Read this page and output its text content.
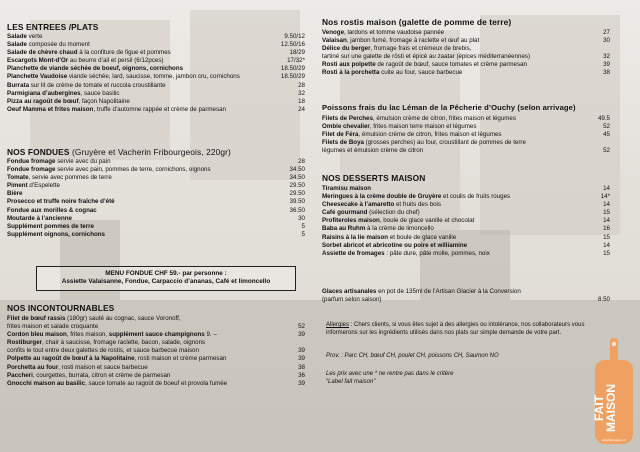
LES ENTREES /PLATS
Salade verte	9.50/12
Salade composée du moment	12.50/16
Salade de chèvre chaud à la confiture de figue et pommes	18/29
Escargots Mont-d’Or au beurre d’ail et persil (6/12pces)	17/32*
Planchette de viande séchée de boeuf, oignons, cornichons	18.50/29
Planchette Vaudoise viande séchée, lard, saucisse, tomme, jambon cru, cornichons	18.50/29
Burrata sur lit de crème de tomate et ruccola croustillante	28
Parmigiana d’aubergines, sauce basilic	32
Pizza au ragoût de bœuf, façon Napolitaine	18
Oeuf Mamma et frites maison, truffe d’automne rappée et crème de parmesan	24
NOS FONDUES (Gruyère et Vacherin Fribourgeois, 220gr)
Fondue fromage servie avec du pain	28
Fondue fromage servie avec pain, pommes de terre, cornichons, oignons	34.50
Tomate, servie avec pommes de terre	34.50
Piment d’Espelette	29.50
Bière	29.50
Prosecco et truffe noire fraîche d’été	39.50
Fondue aux morilles & cognac	36.50
Moutarde à l’ancienne	30
Supplément pommes de terre	5
Supplément oignons, cornichons	5
MENU FONDUE CHF 59.- par personne :
Assiette Valaisanne, Fondue, Carpaccio d’ananas, Café et limoncello
NOS INCONTOURNABLES
Filet de bœuf rassis (180gr) sauté au cognac, sauce Voronoff,
frites maison et salade croquante	52
Cordon bleu maison, frites maison, supplément sauce champignons 9. –	39
Rostiburger, chair à saucisse, fromage raclette, bacon, salade, oignons
confits le tout entre deux galettes de rostis, et sauce barbecue maison	39
Polpette au ragoût de bœuf à la Napolitaine, rosti maison et crème parmesan	39
Porchetta au four, rosti maison et sauce barbecue	38
Paccheri, courgettes, burrata, citron et crème de parmesan	36
Gnocchi maison au basilic, sauce tomate au ragoût de boeuf et provola fumée	39
Nos rostis maison (galette de pomme de terre)
Venoge, lardons et tomme vaudoise pannée	27
Valaisan, jambon fumé, fromage à raclette et œuf au plat	30
Délice du berger, fromage frais et crémeux de brebis,
tartiné sur une galette de rösti et épicé au zaatar (épices méditerranéennes)	32
Rosti aux polpette de ragoût de bœuf, sauce tomates et crème parmesan	39
Rosti à la porchetta cuite au four, sauce barbecue	38
Poissons frais du lac Léman de la Pêcherie d’Ouchy (selon arrivage)
Filets de Perches, émulsion crème de citron, frites maison et légumes	49.5
Omble chevalier, frites maison terre maison et légumes	52
Filet de Féra, émulsion crème de citron, frites maison et légumes	45
Filets de Boya (grosses perches) au four, croustillant de pommes de terre
légumes et émulsion crème de citron	52
NOS DESSERTS MAISON
Tiramisu maison	14
Meringues à la crème double de Gruyère et coulis de fruits rouges	14*
Cheesecake à l’amaretto et fruits des bois	14
Café gourmand (sélection du chef)	15
Profiteroles maison, boule de glace vanille et chocolat	14
Baba au Ruhm à la crème de limoncello	16
Raisins à la lie maison et boule de glace vanille	15
Sorbet abricot et abricotine ou poire et williamine	14
Assiette de fromages : pâte dure, pâte molle, pommes, noix	15
Glaces artisanales en pot de 135ml de l’Artisan Glacier à la Conversion
(parfum selon saison)	8.50
Allergies : Chers clients, si vous êtes sujet à des allergies ou intolérance, nos collaborateurs vous informerons sur les ingrédients utilisés dans nos plats sur simple demande de votre part.
Prov. : Parc CH, bœuf CH, poulet CH, poissons CH, Saumon NO
Les prix avec une * ne rentre pas dans le critère
“Label fait maison”
FAIT MAISON
labelfaitmaison.ch
